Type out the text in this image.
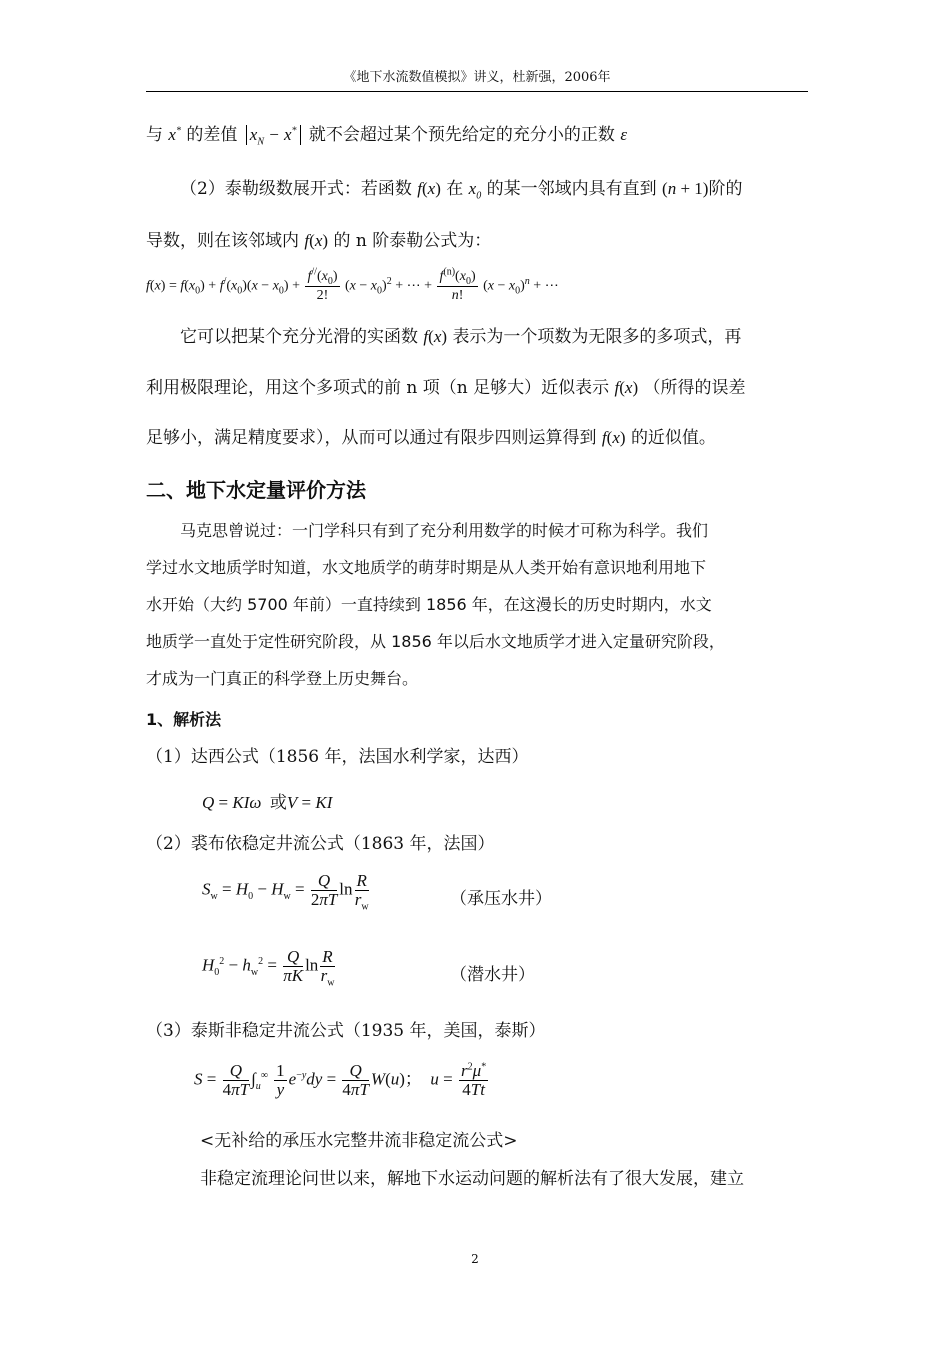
《地下水流数值模拟》讲义，杜新强，2006年
与 x* 的差值 $x_N - x^*$ 就不会超过某个预先给定的充分小的正数 ε
（2）泰勒级数展开式：若函数 f(x) 在 $x_0$ 的某一邻域内具有直到 (n + 1)阶的
导数，则在该邻域内 f(x) 的 n 阶泰勒公式为：
$f(x) = f(x_0) + f^/(x_0)(x - x_0) + \frac{f^{//}(x_0)}{2!} (x - x_0)^2$ + ⋯ + $\frac{f^{(n)}(x_0)}{n!} (x - x_0)^n$ + ⋯
它可以把某个充分光滑的实函数 f(x) 表示为一个项数为无限多的多项式，再
利用极限理论，用这个多项式的前 n 项（n 足够大）近似表示 f(x) （所得的误差
足够小，满足精度要求），从而可以通过有限步四则运算得到 f(x) 的近似值。
二、地下水定量评价方法
马克思曾说过：一门学科只有到了充分利用数学的时候才可称为科学。我们
学过水文地质学时知道，水文地质学的萌芽时期是从人类开始有意识地利用地下
水开始（大约 5700 年前）一直持续到 1856 年，在这漫长的历史时期内，水文
地质学一直处于定性研究阶段，从 1856 年以后水文地质学才进入定量研究阶段，
才成为一门真正的科学登上历史舞台。
1、解析法
（1）达西公式（1856 年，法国水利学家，达西）
Q = KIω 或V = KI
（2）裘布依稳定井流公式（1863 年，法国）
$S_w = H_0 - H_w = \frac{Q}{2\pi T}$ $\ln \frac{R}{r_w}$	（承压水井）
$H_0^2 - h_w^2 = \frac{Q}{\pi K}$ $\ln \frac{R}{r_w}$	（潜水井）
（3）泰斯非稳定井流公式（1935 年，美国，泰斯）
$S = \frac{Q}{4\pi T} \int_u^\infty \frac{1}{y} e^{-y}dy = \frac{Q}{4\pi T} W(u)$；  $u = \frac{r^2\mu^*}{4Tt}$
<无补给的承压水完整井流非稳定流公式>
非稳定流理论问世以来，解地下水运动问题的解析法有了很大发展，建立
2
